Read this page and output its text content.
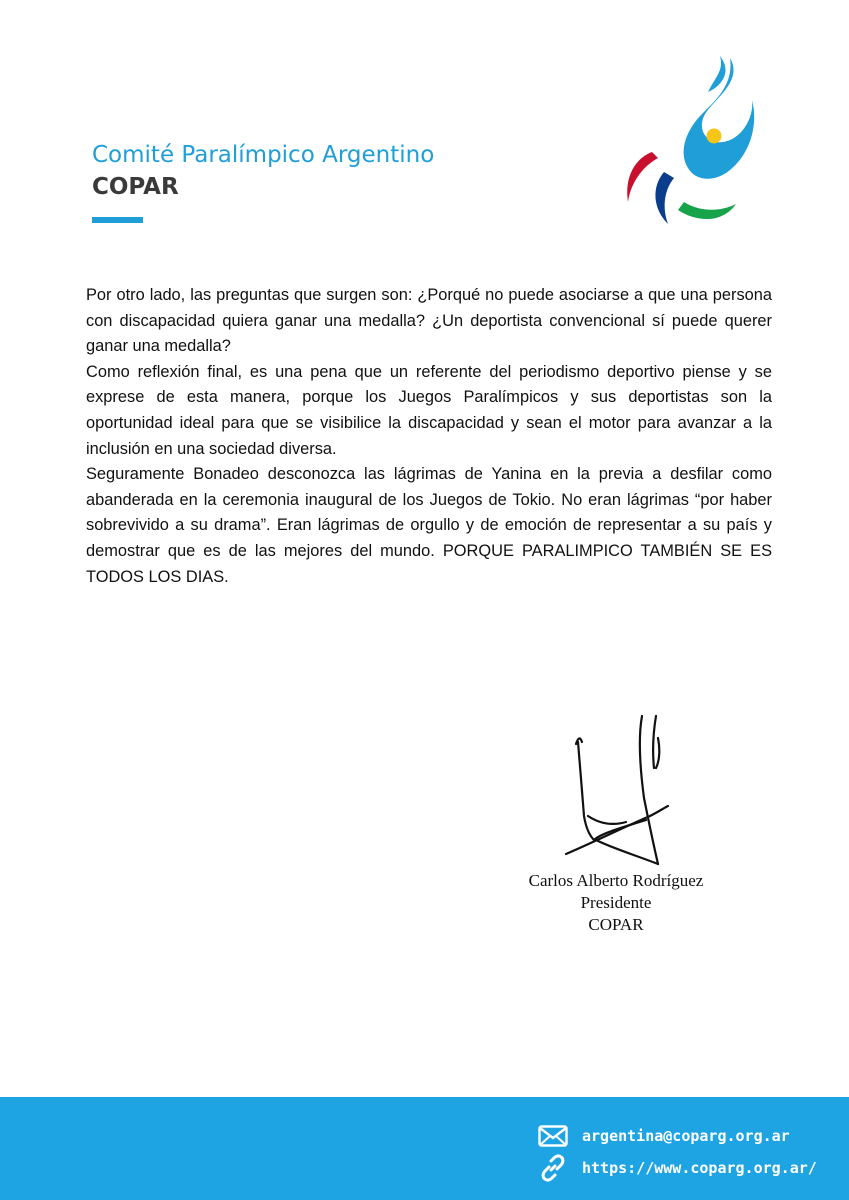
Comité Paralímpico Argentino
COPAR

Por otro lado, las preguntas que surgen son: ¿Porqué no puede asociarse a que una persona con discapacidad quiera ganar una medalla? ¿Un deportista convencional sí puede querer ganar una medalla?

Como reflexión final, es una pena que un referente del periodismo deportivo piense y se exprese de esta manera, porque los Juegos Paralímpicos y sus deportistas son la oportunidad ideal para que se visibilice la discapacidad y sean el motor para avanzar a la inclusión en una sociedad diversa.

Seguramente Bonadeo desconozca las lágrimas de Yanina en la previa a desfilar como abanderada en la ceremonia inaugural de los Juegos de Tokio. No eran lágrimas “por haber sobrevivido a su drama”. Eran lágrimas de orgullo y de emoción de representar a su país y demostrar que es de las mejores del mundo. PORQUE PARALIMPICO TAMBIÉN SE ES TODOS LOS DIAS.

Carlos Alberto Rodríguez
Presidente
COPAR
argentina@coparg.org.ar
https://www.coparg.org.ar/
